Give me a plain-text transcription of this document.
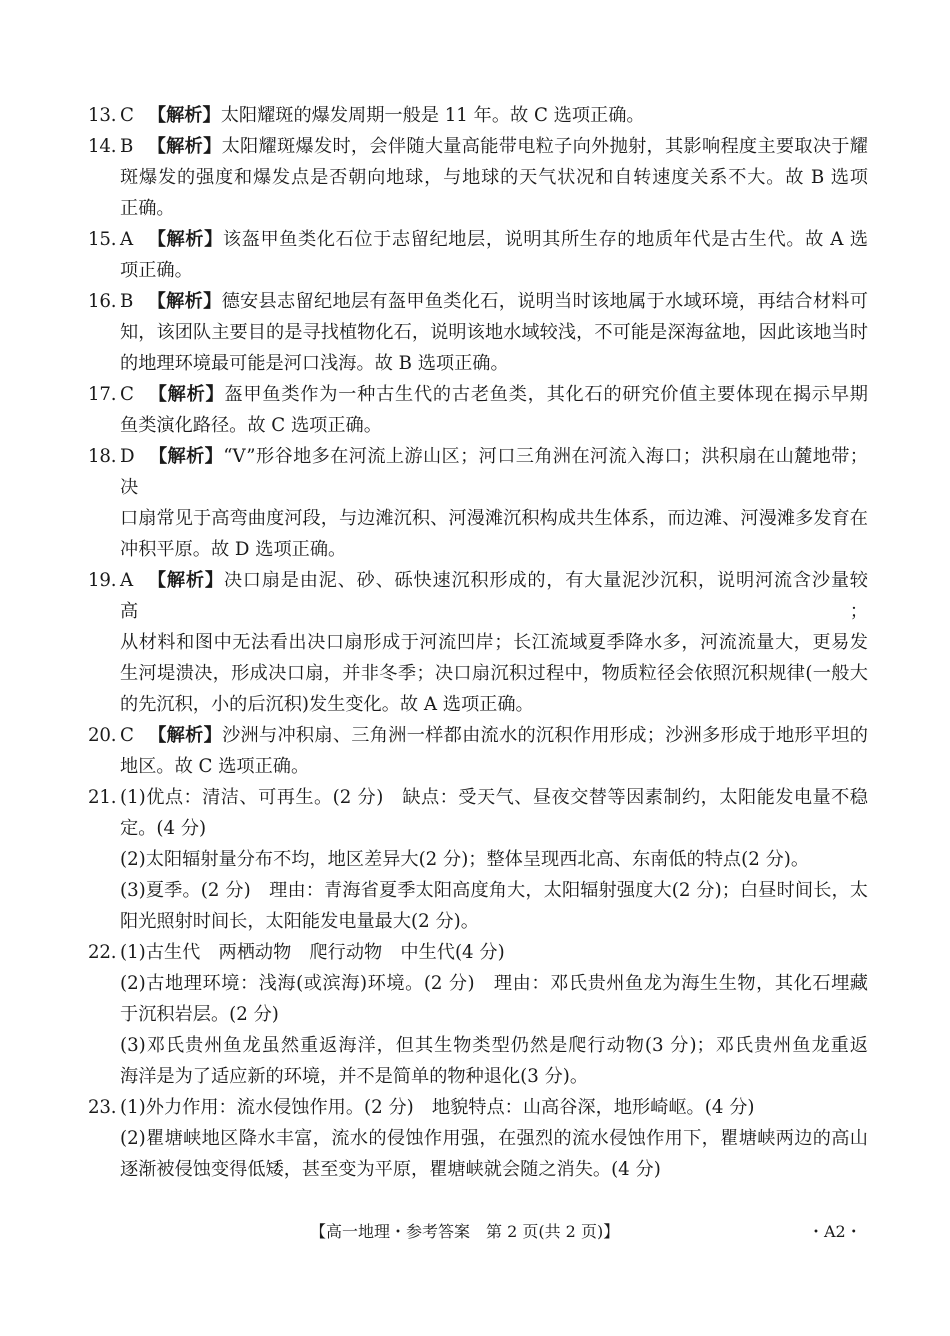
13. C 【解析】太阳耀斑的爆发周期一般是 11 年。故 C 选项正确。
14. B 【解析】太阳耀斑爆发时，会伴随大量高能带电粒子向外抛射，其影响程度主要取决于耀
斑爆发的强度和爆发点是否朝向地球，与地球的天气状况和自转速度关系不大。故 B 选项
正确。
15. A 【解析】该盔甲鱼类化石位于志留纪地层，说明其所生存的地质年代是古生代。故 A 选
项正确。
16. B 【解析】德安县志留纪地层有盔甲鱼类化石，说明当时该地属于水域环境，再结合材料可
知，该团队主要目的是寻找植物化石，说明该地水域较浅，不可能是深海盆地，因此该地当时
的地理环境最可能是河口浅海。故 B 选项正确。
17. C 【解析】盔甲鱼类作为一种古生代的古老鱼类，其化石的研究价值主要体现在揭示早期
鱼类演化路径。故 C 选项正确。
18. D 【解析】“V”形谷地多在河流上游山区；河口三角洲在河流入海口；洪积扇在山麓地带；决
口扇常见于高弯曲度河段，与边滩沉积、河漫滩沉积构成共生体系，而边滩、河漫滩多发育在
冲积平原。故 D 选项正确。
19. A 【解析】决口扇是由泥、砂、砾快速沉积形成的，有大量泥沙沉积，说明河流含沙量较高；
从材料和图中无法看出决口扇形成于河流凹岸；长江流域夏季降水多，河流流量大，更易发
生河堤溃决，形成决口扇，并非冬季；决口扇沉积过程中，物质粒径会依照沉积规律(一般大
的先沉积，小的后沉积)发生变化。故 A 选项正确。
20. C 【解析】沙洲与冲积扇、三角洲一样都由流水的沉积作用形成；沙洲多形成于地形平坦的
地区。故 C 选项正确。
21. (1)优点：清洁、可再生。(2 分)　缺点：受天气、昼夜交替等因素制约，太阳能发电量不稳
定。(4 分)
(2)太阳辐射量分布不均，地区差异大(2 分)；整体呈现西北高、东南低的特点(2 分)。
(3)夏季。(2 分)　理由：青海省夏季太阳高度角大，太阳辐射强度大(2 分)；白昼时间长，太
阳光照射时间长，太阳能发电量最大(2 分)。
22. (1)古生代　两栖动物　爬行动物　中生代(4 分)
(2)古地理环境：浅海(或滨海)环境。(2 分)　理由：邓氏贵州鱼龙为海生生物，其化石埋藏
于沉积岩层。(2 分)
(3)邓氏贵州鱼龙虽然重返海洋，但其生物类型仍然是爬行动物(3 分)；邓氏贵州鱼龙重返
海洋是为了适应新的环境，并不是简单的物种退化(3 分)。
23. (1)外力作用：流水侵蚀作用。(2 分)　地貌特点：山高谷深，地形崎岖。(4 分)
(2)瞿塘峡地区降水丰富，流水的侵蚀作用强，在强烈的流水侵蚀作用下，瞿塘峡两边的高山
逐渐被侵蚀变得低矮，甚至变为平原，瞿塘峡就会随之消失。(4 分)
【高一地理・参考答案　第 2 页(共 2 页)】	・A2・
